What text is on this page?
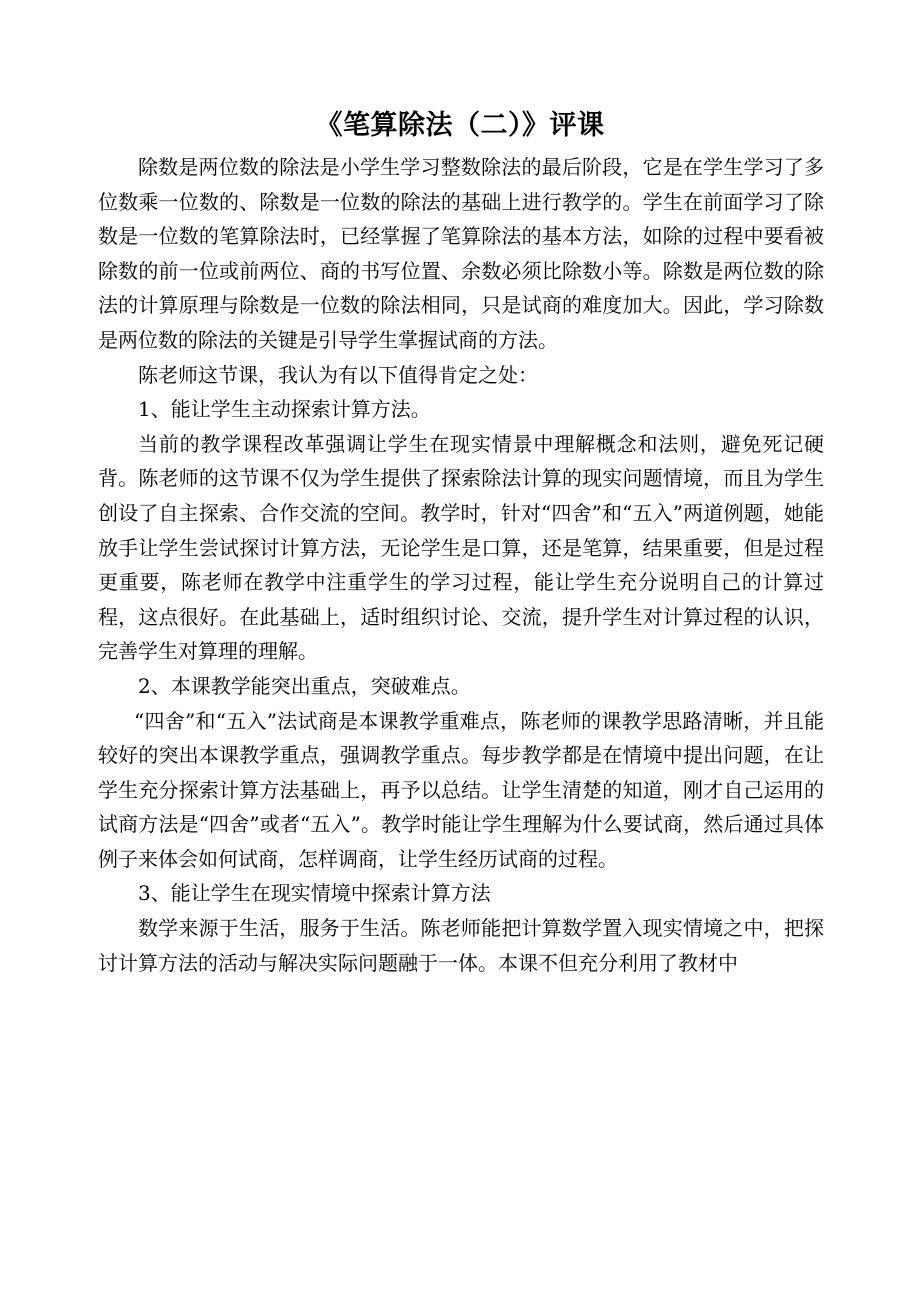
《笔算除法（二）》评课

除数是两位数的除法是小学生学习整数除法的最后阶段，它是在学生学习了多位数乘一位数的、除数是一位数的除法的基础上进行教学的。学生在前面学习了除数是一位数的笔算除法时，已经掌握了笔算除法的基本方法，如除的过程中要看被除数的前一位或前两位、商的书写位置、余数必须比除数小等。除数是两位数的除法的计算原理与除数是一位数的除法相同，只是试商的难度加大。因此，学习除数是两位数的除法的关键是引导学生掌握试商的方法。

陈老师这节课，我认为有以下值得肯定之处：

1、能让学生主动探索计算方法。

当前的教学课程改革强调让学生在现实情景中理解概念和法则，避免死记硬背。陈老师的这节课不仅为学生提供了探索除法计算的现实问题情境，而且为学生创设了自主探索、合作交流的空间。教学时，针对“四舍”和“五入”两道例题，她能放手让学生尝试探讨计算方法，无论学生是口算，还是笔算，结果重要，但是过程更重要，陈老师在教学中注重学生的学习过程，能让学生充分说明自己的计算过程，这点很好。在此基础上，适时组织讨论、交流，提升学生对计算过程的认识，完善学生对算理的理解。

2、本课教学能突出重点，突破难点。

“四舍”和“五入”法试商是本课教学重难点，陈老师的课教学思路清晰，并且能较好的突出本课教学重点，强调教学重点。每步教学都是在情境中提出问题，在让学生充分探索计算方法基础上，再予以总结。让学生清楚的知道，刚才自己运用的试商方法是“四舍”或者“五入”。教学时能让学生理解为什么要试商，然后通过具体例子来体会如何试商，怎样调商，让学生经历试商的过程。

3、能让学生在现实情境中探索计算方法

数学来源于生活，服务于生活。陈老师能把计算数学置入现实情境之中，把探讨计算方法的活动与解决实际问题融于一体。本课不但充分利用了教材中
